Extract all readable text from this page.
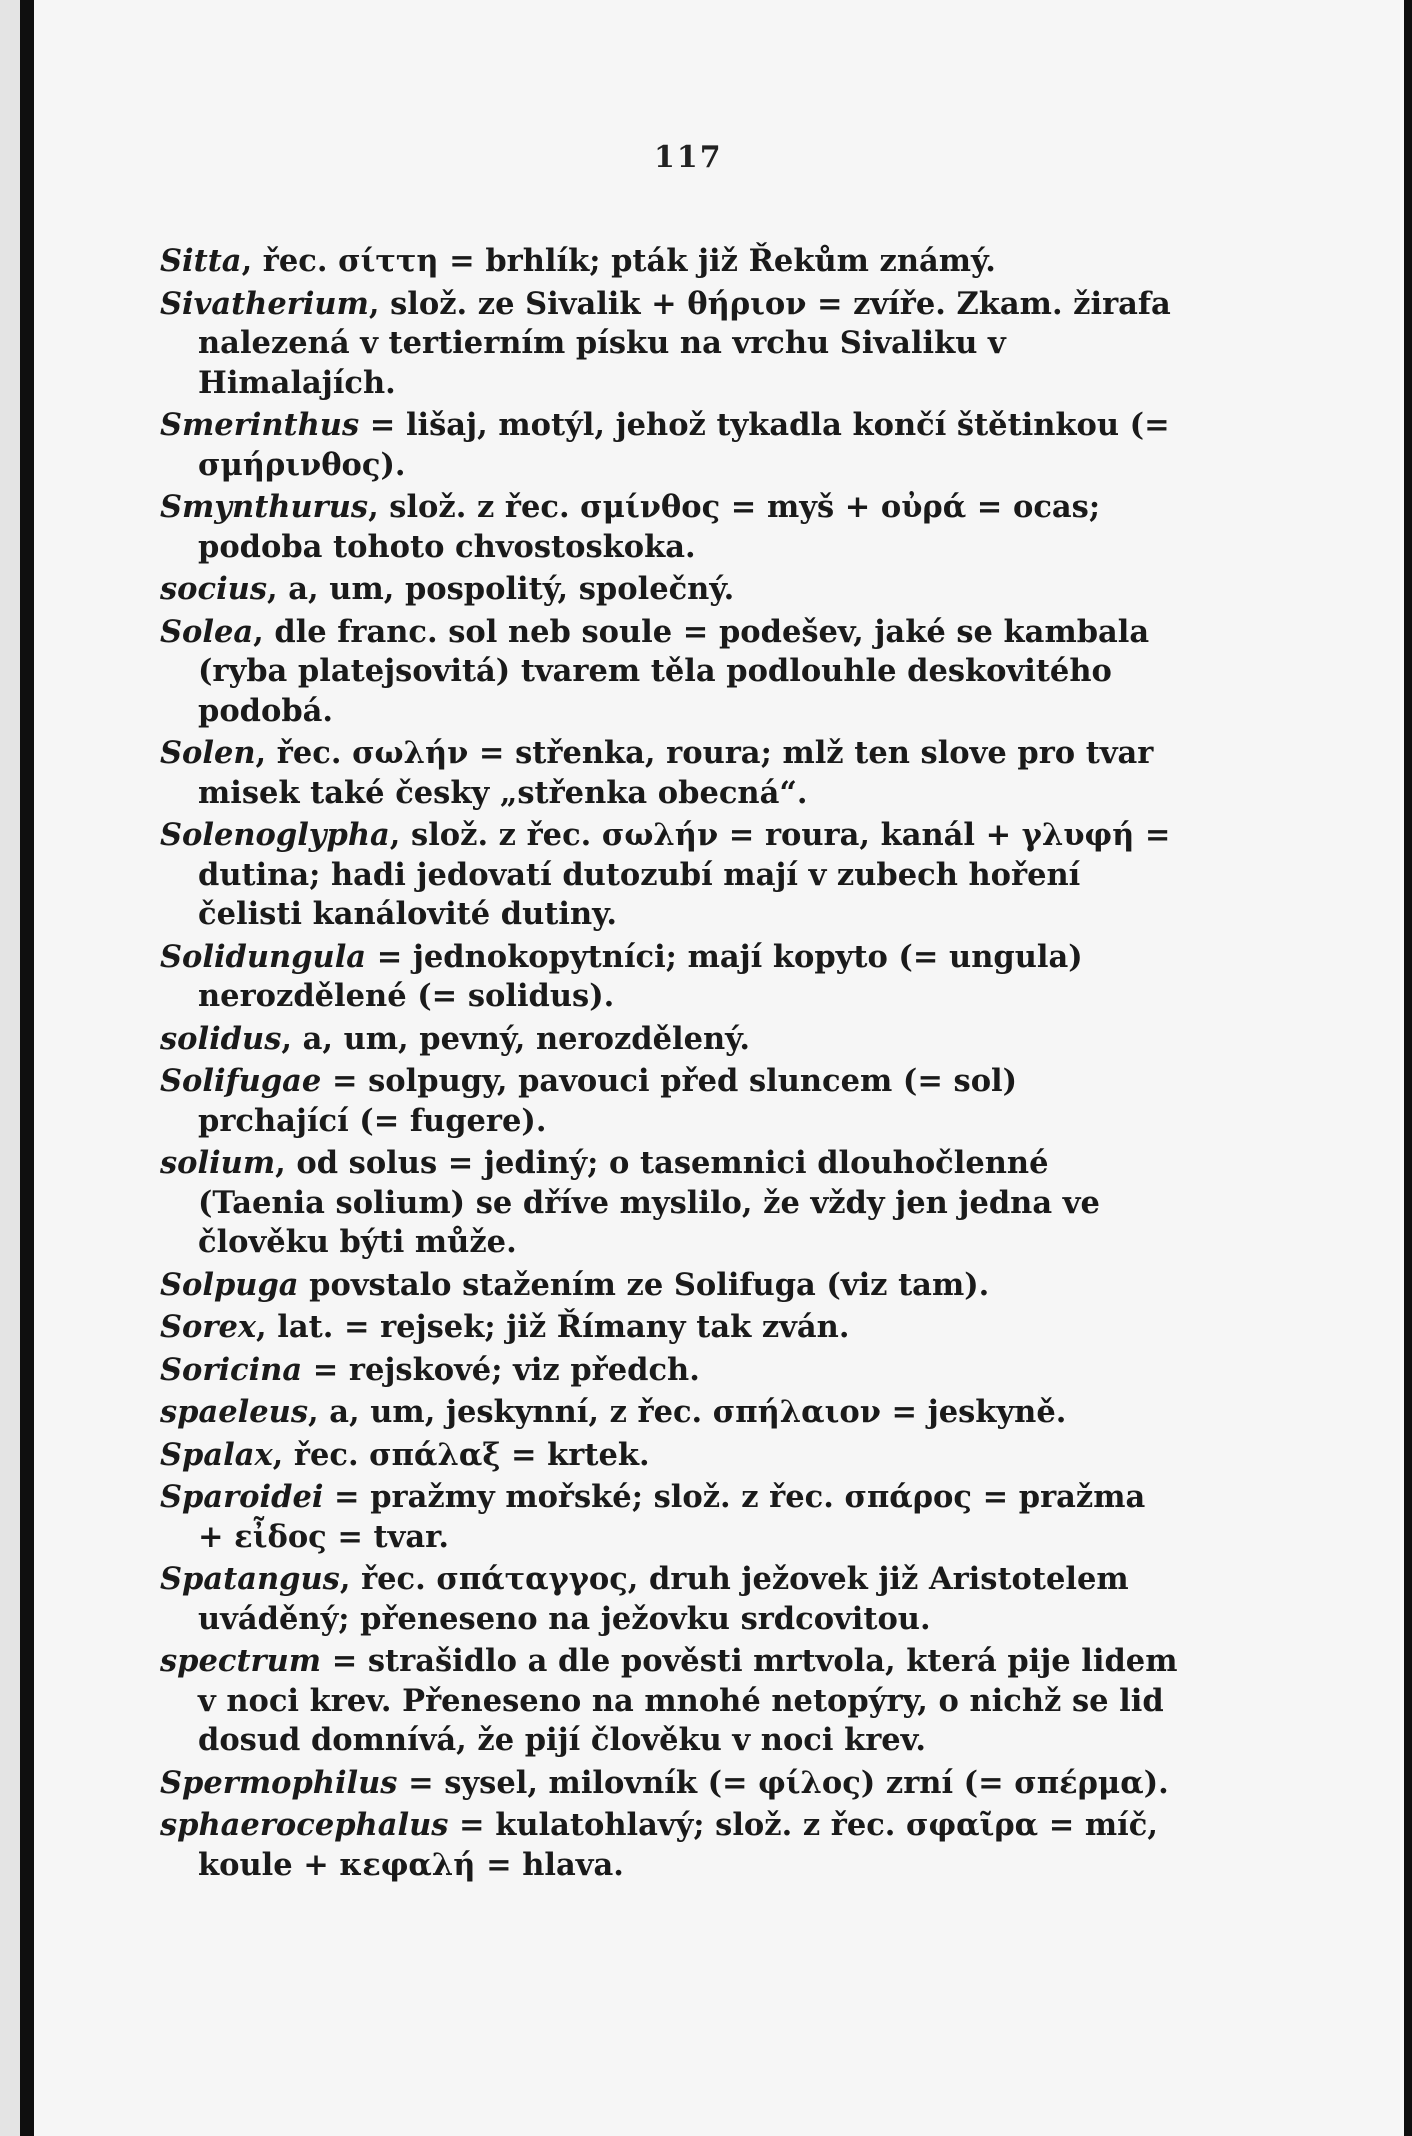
117
Sitta, řec. σίττη = brhlík; pták již Řekům známý.
Sivatherium, slož. ze Sivalik + θήριον = zvíře. Zkam. žirafa nalezená v tertierním písku na vrchu Sivaliku v Himalajích.
Smerinthus = lišaj, motýl, jehož tykadla končí štětinkou (= σμήρινθος).
Smynthurus, slož. z řec. σμίνθος = myš + οὐρά = ocas; podoba tohoto chvostoskoka.
socius, a, um, pospolitý, společný.
Solea, dle franc. sol neb soule = podešev, jaké se kambala (ryba platejsovitá) tvarem těla podlouhle deskovitého podobá.
Solen, řec. σωλήν = střenka, roura; mlž ten slove pro tvar misek také česky „střenka obecná“.
Solenoglypha, slož. z řec. σωλήν = roura, kanál + γλυφή = dutina; hadi jedovatí dutozubí mají v zubech hoření čelisti kanálovité dutiny.
Solidungula = jednokopytníci; mají kopyto (= ungula) nerozdělené (= solidus).
solidus, a, um, pevný, nerozdělený.
Solifugae = solpugy, pavouci před sluncem (= sol) prchající (= fugere).
solium, od solus = jediný; o tasemnici dlouhočlenné (Taenia solium) se dříve myslilo, že vždy jen jedna ve člověku býti může.
Solpuga povstalo stažením ze Solifuga (viz tam).
Sorex, lat. = rejsek; již Římany tak zván.
Soricina = rejskové; viz předch.
spaeleus, a, um, jeskynní, z řec. σπήλαιον = jeskyně.
Spalax, řec. σπάλαξ = krtek.
Sparoidei = pražmy mořské; slož. z řec. σπάρος = pražma + εἶδος = tvar.
Spatangus, řec. σπάταγγος, druh ježovek již Aristotelem uváděný; přeneseno na ježovku srdcovitou.
spectrum = strašidlo a dle pověsti mrtvola, která pije lidem v noci krev. Přeneseno na mnohé netopýry, o nichž se lid dosud domnívá, že pijí člověku v noci krev.
Spermophilus = sysel, milovník (= φίλος) zrní (= σπέρμα).
sphaerocephalus = kulatohlavý; slož. z řec. σφαῖρα = míč, koule + κεφαλή = hlava.
